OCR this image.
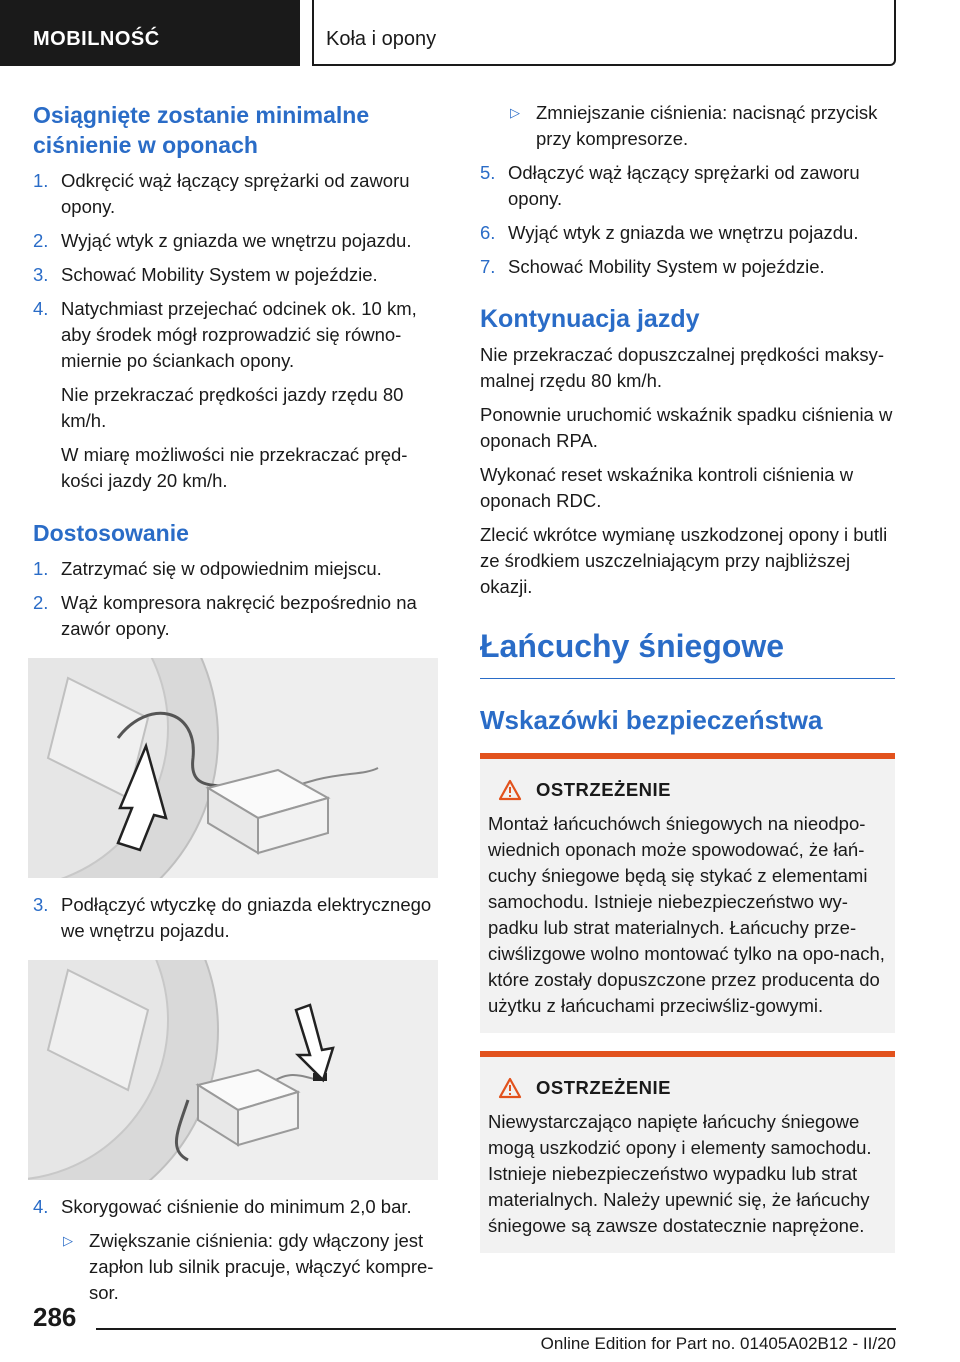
MOBILNOŚĆ	Koła i opony
Osiągnięte zostanie minimalne ciśnienie w oponach
1. Odkręcić wąż łączący sprężarki od zaworu opony.
2. Wyjąć wtyk z gniazda we wnętrzu pojazdu.
3. Schować Mobility System w pojeździe.
4. Natychmiast przejechać odcinek ok. 10 km, aby środek mógł rozprowadzić się równo-miernie po ściankach opony.
Nie przekraczać prędkości jazdy rzędu 80 km/h.
W miarę możliwości nie przekraczać pręd-kości jazdy 20 km/h.
Dostosowanie
1. Zatrzymać się w odpowiednim miejscu.
2. Wąż kompresora nakręcić bezpośrednio na zawór opony.
3. Podłączyć wtyczkę do gniazda elektrycznego we wnętrzu pojazdu.
4. Skorygować ciśnienie do minimum 2,0 bar.
▷ Zwiększanie ciśnienia: gdy włączony jest zapłon lub silnik pracuje, włączyć kompre-sor.
▷ Zmniejszanie ciśnienia: nacisnąć przycisk przy kompresorze.
5. Odłączyć wąż łączący sprężarki od zaworu opony.
6. Wyjąć wtyk z gniazda we wnętrzu pojazdu.
7. Schować Mobility System w pojeździe.
Kontynuacja jazdy
Nie przekraczać dopuszczalnej prędkości maksy-malnej rzędu 80 km/h.
Ponownie uruchomić wskaźnik spadku ciśnienia w oponach RPA.
Wykonać reset wskaźnika kontroli ciśnienia w oponach RDC.
Zlecić wkrótce wymianę uszkodzonej opony i butli ze środkiem uszczelniającym przy najbliższej okazji.
Łańcuchy śniegowe
Wskazówki bezpieczeństwa
OSTRZEŻENIE
Montaż łańcuchówch śniegowych na nieodpo-wiednich oponach może spowodować, że łań-cuchy śniegowe będą się stykać z elementami samochodu. Istnieje niebezpieczeństwo wy-padku lub strat materialnych. Łańcuchy prze-ciwślizgowe wolno montować tylko na opo-nach, które zostały dopuszczone przez producenta do użytku z łańcuchami przeciwśliz-gowymi.
OSTRZEŻENIE
Niewystarczająco napięte łańcuchy śniegowe mogą uszkodzić opony i elementy samochodu. Istnieje niebezpieczeństwo wypadku lub strat materialnych. Należy upewnić się, że łańcuchy śniegowe są zawsze dostatecznie naprężone.
286
Online Edition for Part no. 01405A02B12 - II/20
